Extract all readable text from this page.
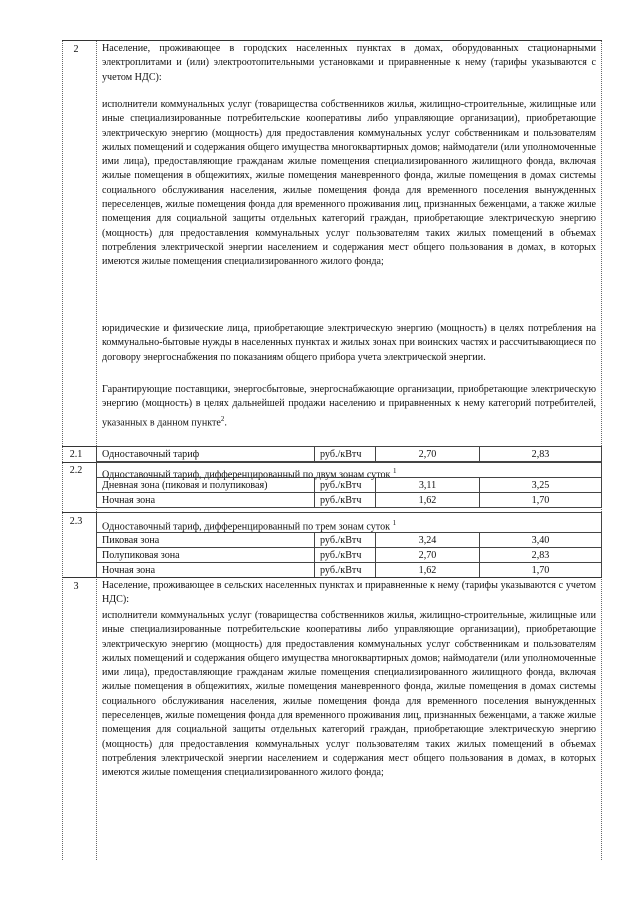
2	Население, проживающее в городских населенных пунктах в домах, оборудованных стационарными электроплитами и (или) электроотопительными установками и приравненные к нему (тарифы указываются с учетом НДС):
исполнители коммунальных услуг (товарищества собственников жилья, жилищно-строительные, жилищные или иные специализированные потребительские кооперативы либо управляющие организации), приобретающие электрическую энергию (мощность) для предоставления коммунальных услуг собственникам и пользователям жилых помещений и содержания общего имущества многоквартирных домов; наймодатели (или уполномоченные ими лица), предоставляющие гражданам жилые помещения специализированного жилищного фонда, включая жилые помещения в общежитиях, жилые помещения маневренного фонда, жилые помещения в домах системы социального обслуживания населения, жилые помещения фонда для временного поселения вынужденных переселенцев, жилые помещения фонда для временного проживания лиц, признанных беженцами, а также жилые помещения для социальной защиты отдельных категорий граждан, приобретающие электрическую энергию (мощность) для предоставления коммунальных услуг пользователям таких жилых помещений в объемах потребления электрической энергии населением и содержания мест общего пользования в домах, в которых имеются жилые помещения специализированного жилого фонда;
юридические и физические лица, приобретающие электрическую энергию (мощность) в целях потребления на коммунально-бытовые нужды в населенных пунктах и жилых зонах при воинских частях и рассчитывающиеся по договору энергоснабжения по показаниям общего прибора учета электрической энергии.
Гарантирующие поставщики, энергосбытовые, энергоснабжающие организации, приобретающие электрическую энергию (мощность) в целях дальнейшей продажи населению и приравненных к нему категорий потребителей, указанных в данном пункте$^2$.
2.1	Одноставочный тариф	руб./кВтч	2,70	2,83
2.2	Одноставочный тариф, дифференцированный по двум зонам суток $^1$
Дневная зона (пиковая и полупиковая)	руб./кВтч	3,11	3,25
Ночная зона	руб./кВтч	1,62	1,70
2.3	Одноставочный тариф, дифференцированный по трем зонам суток $^1$
Пиковая зона	руб./кВтч	3,24	3,40
Полупиковая зона	руб./кВтч	2,70	2,83
Ночная зона	руб./кВтч	1,62	1,70
3	Население, проживающее в сельских населенных пунктах и приравненные к нему (тарифы указываются с учетом НДС):
исполнители коммунальных услуг (товарищества собственников жилья, жилищно-строительные, жилищные или иные специализированные потребительские кооперативы либо управляющие организации), приобретающие электрическую энергию (мощность) для предоставления коммунальных услуг собственникам и пользователям жилых помещений и содержания общего имущества многоквартирных домов; наймодатели (или уполномоченные ими лица), предоставляющие гражданам жилые помещения специализированного жилищного фонда, включая жилые помещения в общежитиях, жилые помещения маневренного фонда, жилые помещения в домах системы социального обслуживания населения, жилые помещения фонда для временного поселения вынужденных переселенцев, жилые помещения фонда для временного проживания лиц, признанных беженцами, а также жилые помещения для социальной защиты отдельных категорий граждан, приобретающие электрическую энергию (мощность) для предоставления коммунальных услуг пользователям таких жилых помещений в объемах потребления электрической энергии населением и содержания мест общего пользования в домах, в которых имеются жилые помещения специализированного жилого фонда;
